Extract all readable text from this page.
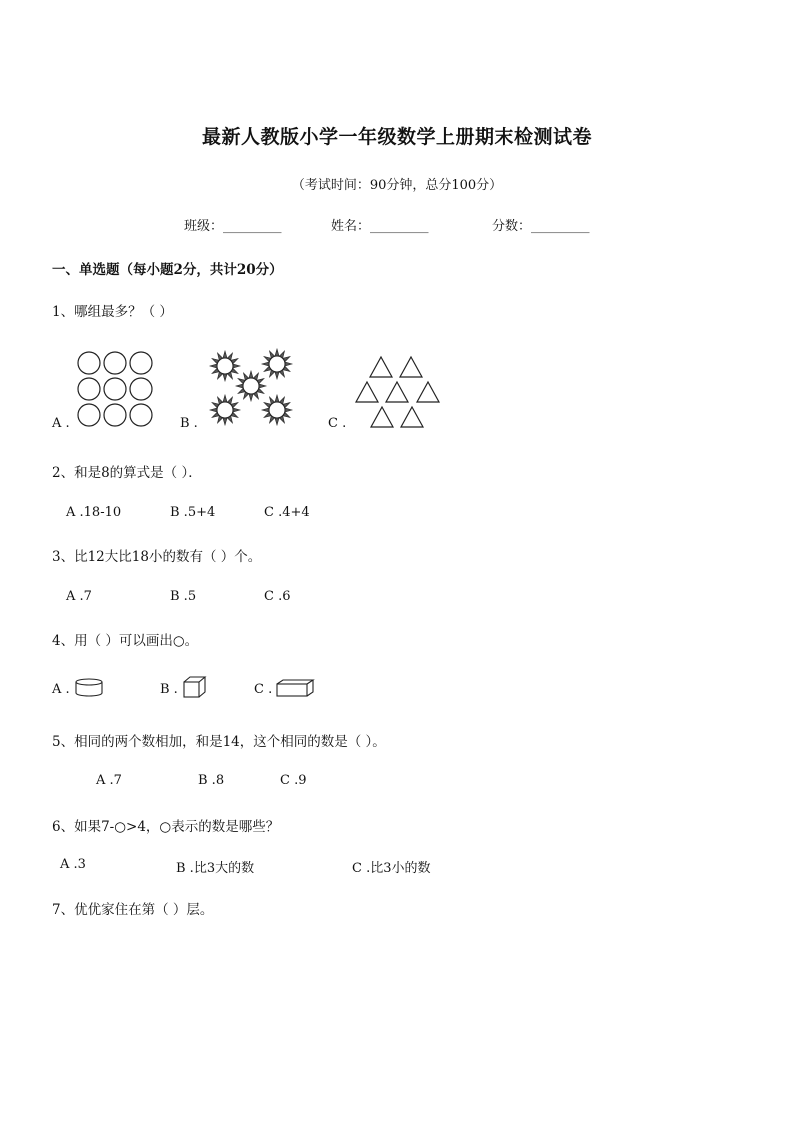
最新人教版小学一年级数学上册期末检测试卷
（考试时间：90分钟，总分100分）
班级：_________	姓名：_________	分数：_________
一、单选题（每小题2分，共计20分）
1、哪组最多？（ ）
A .	B .	C .
2、和是8的算式是（ ）．
A .18-10	B .5+4	C .4+4
3、比12大比18小的数有（ ）个。
A .7	B .5	C .6
4、用（ ）可以画出○。
A .	B .	C .
5、相同的两个数相加，和是14，这个相同的数是（ ）。
A .7	B .8	C .9
6、如果7-○>4，○表示的数是哪些？
A .3	B .比3大的数	C .比3小的数
7、优优家住在第（ ）层。
